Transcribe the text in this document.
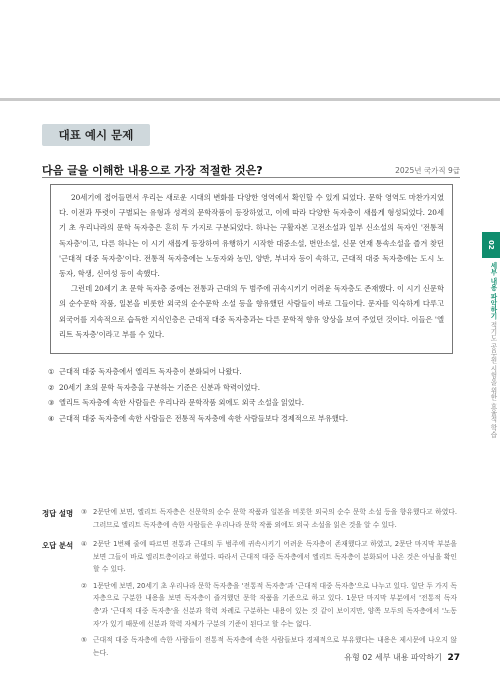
대표 예시 문제
다음 글을 이해한 내용으로 가장 적절한 것은?	2025년 국가직 9급

20세기에 접어들면서 우리는 새로운 시대의 변화를 다양한 영역에서 확인할 수 있게 되었다. 문학 영역도 마찬가지였다. 이전과 뚜렷이 구별되는 유형과 성격의 문학작품이 등장하였고, 이에 따라 다양한 독자층이 새롭게 형성되었다. 20세기 초 우리나라의 문학 독자층은 흔히 두 가지로 구분되었다. 하나는 구활자본 고전소설과 일부 신소설의 독자인 '전통적 독자층'이고, 다른 하나는 이 시기 새롭게 등장하여 유행하기 시작한 대중소설, 번안소설, 신문 연재 통속소설을 즐겨 찾던 '근대적 대중 독자층'이다. 전통적 독자층에는 노동자와 농민, 양반, 부녀자 등이 속하고, 근대적 대중 독자층에는 도시 노동자, 학생, 신여성 등이 속했다.

그런데 20세기 초 문학 독자층 중에는 전통과 근대의 두 범주에 귀속시키기 어려운 독자층도 존재했다. 이 시기 신문학의 순수문학 작품, 일본을 비롯한 외국의 순수문학 소설 등을 향유했던 사람들이 바로 그들이다. 문자를 익숙하게 다루고 외국어를 지속적으로 습득한 지식인층은 근대적 대중 독자층과는 다른 문학적 향유 양상을 보여 주었던 것이다. 이들은 '엘리트 독자층'이라고 부를 수 있다.

① 근대적 대중 독자층에서 엘리트 독자층이 분화되어 나왔다.
② 20세기 초의 문학 독자층을 구분하는 기준은 신분과 학력이었다.
③ 엘리트 독자층에 속한 사람들은 우리나라 문학작품 외에도 외국 소설을 읽었다.
④ 근대적 대중 독자층에 속한 사람들은 전통적 독자층에 속한 사람들보다 경제적으로 부유했다.
02
세부 내용 파악하기 적기도 공무원 시험을 위한 효율적 학습
정답 설명 ③ 2문단에 보면, 엘리트 독자층은 신문학의 순수 문학 작품과 일본을 비롯한 외국의 순수 문학 소설 등을 향유했다고 하였다. 그러므로 엘리트 독자층에 속한 사람들은 우리나라 문학 작품 외에도 외국 소설을 읽은 것을 알 수 있다.
오답 분석 ④ 2문단 1번째 줄에 따르면 전통과 근대의 두 범주에 귀속시키기 어려운 독자층이 존재했다고 하였고, 2문단 마지막 부분을 보면 그들이 바로 엘리트층이라고 하였다. 따라서 근대적 대중 독자층에서 엘리트 독자층이 분화되어 나온 것은 아님을 확인할 수 있다.
② 1문단에 보면, 20세기 초 우리나라 문학 독자층을 '전통적 독자층'과 '근대적 대중 독자층'으로 나누고 있다. 일단 두 가지 독자층으로 구분한 내용을 보면 독자층이 즐겨했던 문학 작품을 기준으로 하고 있다. 1문단 마지막 부분에서 '전통적 독자층'과 '근대적 대중 독자층'을 신분과 학력 차례로 구분하는 내용이 있는 것 같이 보이지만, 양쪽 모두의 독자층에서 '노동자'가 있기 때문에 신분과 학력 자체가 구분의 기준이 된다고 할 수는 없다.
⑤ 근대적 대중 독자층에 속한 사람들이 전통적 독자층에 속한 사람들보다 경제적으로 부유했다는 내용은 제시문에 나오지 않는다.
유형 02 세부 내용 파악하기 27
